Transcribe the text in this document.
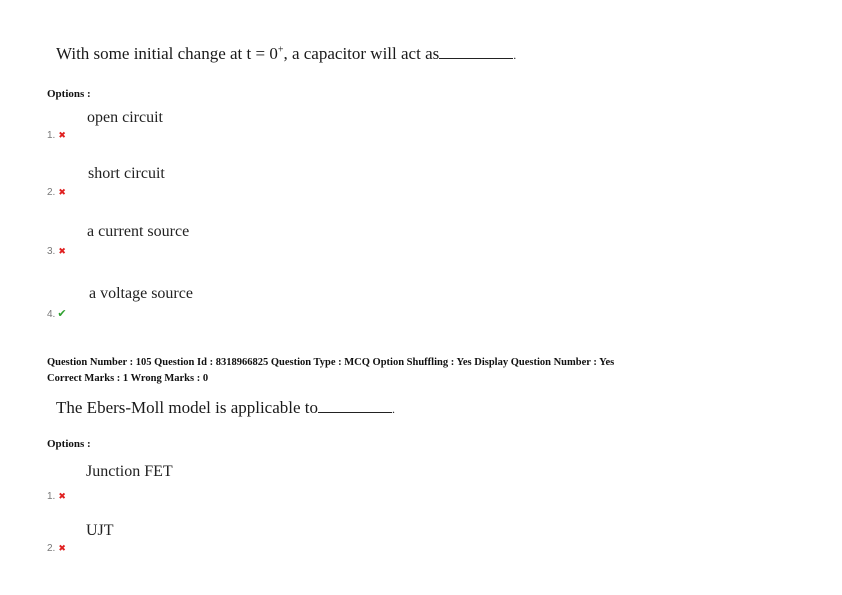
With some initial change at t = 0+, a capacitor will act as	.
Options :
open circuit
1. ✖
short circuit
2. ✖
a current source
3. ✖
a voltage source
4. ✔
Question Number : 105 Question Id : 8318966825 Question Type : MCQ Option Shuffling : Yes Display Question Number : Yes
Correct Marks : 1 Wrong Marks : 0
The Ebers-Moll model is applicable to	.
Options :
Junction FET
1. ✖
UJT
2. ✖
